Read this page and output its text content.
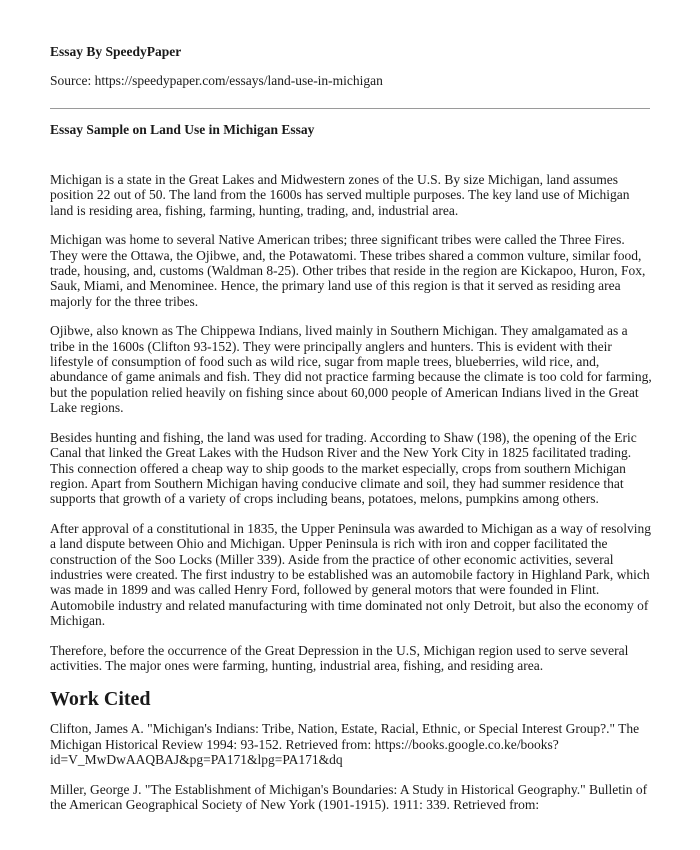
Essay By SpeedyPaper

Source: https://speedypaper.com/essays/land-use-in-michigan

Essay Sample on Land Use in Michigan Essay

Michigan is a state in the Great Lakes and Midwestern zones of the U.S. By size Michigan, land assumes position 22 out of 50. The land from the 1600s has served multiple purposes. The key land use of Michigan land is residing area, fishing, farming, hunting, trading, and, industrial area.

Michigan was home to several Native American tribes; three significant tribes were called the Three Fires. They were the Ottawa, the Ojibwe, and, the Potawatomi. These tribes shared a common vulture, similar food, trade, housing, and, customs (Waldman 8-25). Other tribes that reside in the region are Kickapoo, Huron, Fox, Sauk, Miami, and Menominee. Hence, the primary land use of this region is that it served as residing area majorly for the three tribes.

Ojibwe, also known as The Chippewa Indians, lived mainly in Southern Michigan. They amalgamated as a tribe in the 1600s (Clifton 93-152). They were principally anglers and hunters. This is evident with their lifestyle of consumption of food such as wild rice, sugar from maple trees, blueberries, wild rice, and, abundance of game animals and fish. They did not practice farming because the climate is too cold for farming, but the population relied heavily on fishing since about 60,000 people of American Indians lived in the Great Lake regions.

Besides hunting and fishing, the land was used for trading. According to Shaw (198), the opening of the Eric Canal that linked the Great Lakes with the Hudson River and the New York City in 1825 facilitated trading. This connection offered a cheap way to ship goods to the market especially, crops from southern Michigan region. Apart from Southern Michigan having conducive climate and soil, they had summer residence that supports that growth of a variety of crops including beans, potatoes, melons, pumpkins among others.

After approval of a constitutional in 1835, the Upper Peninsula was awarded to Michigan as a way of resolving a land dispute between Ohio and Michigan. Upper Peninsula is rich with iron and copper facilitated the construction of the Soo Locks (Miller 339). Aside from the practice of other economic activities, several industries were created. The first industry to be established was an automobile factory in Highland Park, which was made in 1899 and was called Henry Ford, followed by general motors that were founded in Flint. Automobile industry and related manufacturing with time dominated not only Detroit, but also the economy of Michigan.

Therefore, before the occurrence of the Great Depression in the U.S, Michigan region used to serve several activities. The major ones were farming, hunting, industrial area, fishing, and residing area.

Work Cited

Clifton, James A. "Michigan's Indians: Tribe, Nation, Estate, Racial, Ethnic, or Special Interest Group?." The Michigan Historical Review 1994: 93-152. Retrieved from: https://books.google.co.ke/books?id=V_MwDwAAQBAJ&pg=PA171&lpg=PA171&dq

Miller, George J. "The Establishment of Michigan's Boundaries: A Study in Historical Geography." Bulletin of the American Geographical Society of New York (1901-1915). 1911: 339. Retrieved from:
